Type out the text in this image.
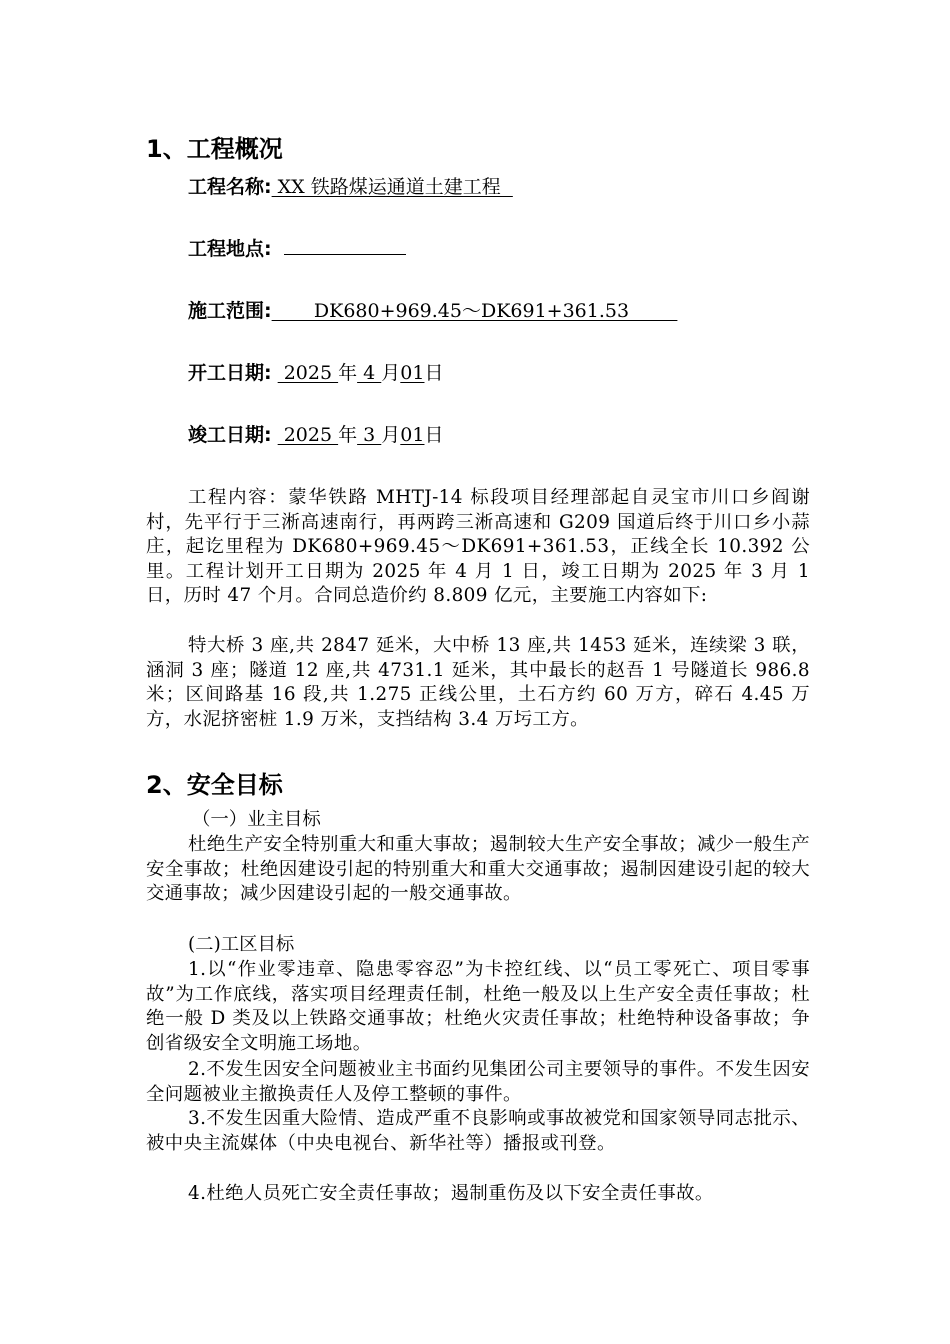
1、工程概况
工程名称: XX 铁路煤运通道土建工程
工程地点:
施工范围:       DK680+969.45～DK691+361.53
开工日期:  2025 年 4 月01日
竣工日期:  2025 年 3 月01日
工程内容：蒙华铁路 MHTJ-14 标段项目经理部起自灵宝市川口乡阎谢村，先平行于三淅高速南行，再两跨三淅高速和 G209 国道后终于川口乡小蒜庄，起讫里程为 DK680+969.45～DK691+361.53，正线全长 10.392 公里。工程计划开工日期为 2025 年 4 月 1 日，竣工日期为 2025 年 3 月 1 日，历时 47 个月。合同总造价约 8.809 亿元，主要施工内容如下:
特大桥 3 座,共 2847 延米，大中桥 13 座,共 1453 延米，连续梁 3 联，涵洞 3 座；隧道 12 座,共 4731.1 延米，其中最长的赵吾 1 号隧道长 986.8 米；区间路基 16 段,共 1.275 正线公里，土石方约 60 万方，碎石 4.45 万方，水泥挤密桩 1.9 万米，支挡结构 3.4 万圬工方。
2、安全目标
（一）业主目标
杜绝生产安全特别重大和重大事故；遏制较大生产安全事故；减少一般生产安全事故；杜绝因建设引起的特别重大和重大交通事故；遏制因建设引起的较大交通事故；减少因建设引起的一般交通事故。
(二)工区目标
1.以“作业零违章、隐患零容忍”为卡控红线、以“员工零死亡、项目零事故”为工作底线，落实项目经理责任制，杜绝一般及以上生产安全责任事故；杜绝一般 D 类及以上铁路交通事故；杜绝火灾责任事故；杜绝特种设备事故；争创省级安全文明施工场地。
2.不发生因安全问题被业主书面约见集团公司主要领导的事件。不发生因安全问题被业主撤换责任人及停工整顿的事件。
3.不发生因重大险情、造成严重不良影响或事故被党和国家领导同志批示、被中央主流媒体（中央电视台、新华社等）播报或刊登。
4.杜绝人员死亡安全责任事故；遏制重伤及以下安全责任事故。
